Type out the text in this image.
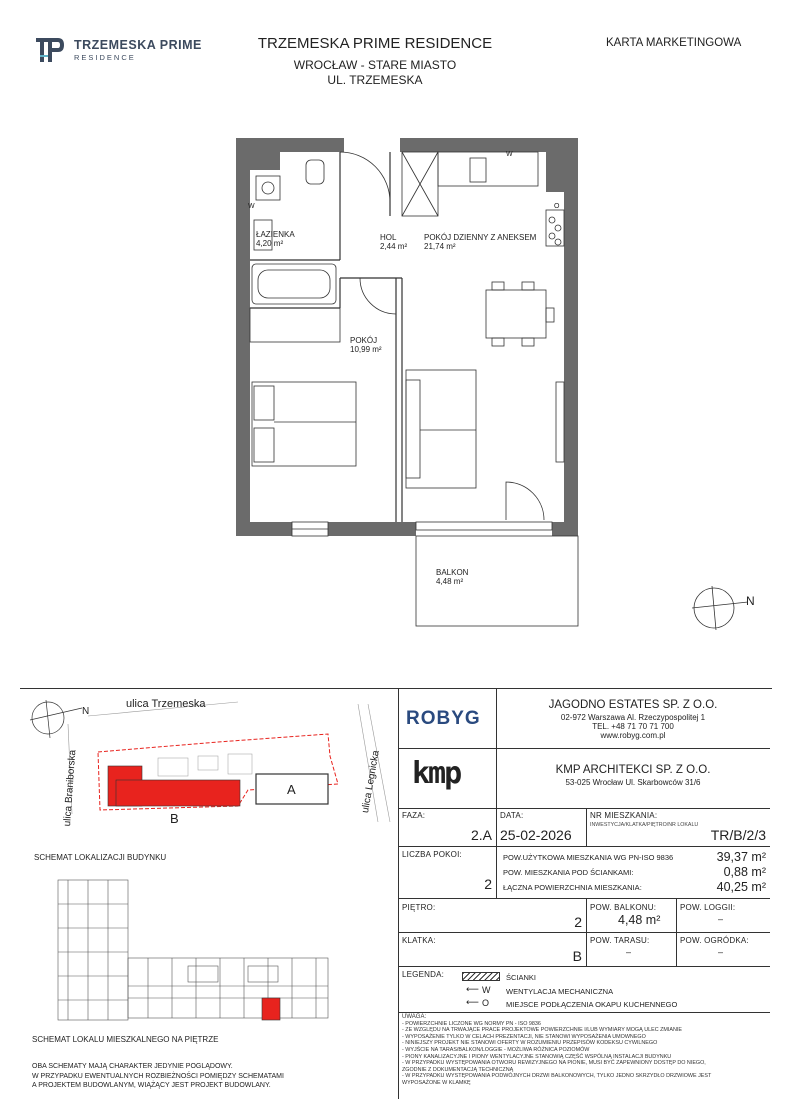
TRZEMESKA PRIME
RESIDENCE
TRZEMESKA PRIME RESIDENCE
WROCŁAW - STARE MIASTO
UL. TRZEMESKA
KARTA MARKETINGOWA
W
W	O
ŁAZIENKA
4,20 m²
HOL
2,44 m²
POKÓJ DZIENNY Z ANEKSEM
21,74 m²
POKÓJ
10,99 m²
BALKON
4,48 m²
N
N
ulica Trzemeska
ulica Braniborska	ulica Legnicka
A
B
SCHEMAT LOKALIZACJI BUDYNKU
SCHEMAT LOKALU MIESZKALNEGO NA PIĘTRZE
OBA SCHEMATY MAJĄ CHARAKTER JEDYNIE POGLĄDOWY.
W PRZYPADKU EWENTUALNYCH ROZBIEŻNOŚCI POMIĘDZY SCHEMATAMI
A PROJEKTEM BUDOWLANYM, WIĄŻĄCY JEST PROJEKT BUDOWLANY.
ROBYG
JAGODNO ESTATES SP. Z O.O.
02-972 Warszawa Al. Rzeczypospolitej 1
TEL. +48 71 70 71 700
www.robyg.com.pl
kmp	KMP ARCHITEKCI SP. Z O.O.
53-025 Wrocław Ul. Skarbowców 31/6
FAZA:
2.A
DATA:
25-02-2026
NR MIESZKANIA:
INWESTYCJA/KLATKA/PIĘTRO/NR LOKALU
TR/B/2/3
LICZBA POKOI:
2
POW.UŻYTKOWA MIESZKANIA WG PN-ISO 9836	39,37 m²
POW. MIESZKANIA POD ŚCIANKAMI:	0,88 m²
ŁĄCZNA POWIERZCHNIA MIESZKANIA:	40,25 m²
PIĘTRO:
2
POW. BALKONU:
4,48 m²
POW. LOGGII:
–
KLATKA:
B
POW. TARASU:
–
POW. OGRÓDKA:
–
LEGENDA:	ŚCIANKI
⟵ W WENTYLACJA MECHANICZNA
⟵ O MIEJSCE PODŁĄCZENIA OKAPU KUCHENNEGO
UWAGA:
- POWIERZCHNIE LICZONE WG NORMY PN - ISO 9836
- ZE WZGLĘDU NA TRWAJĄCE PRACE PROJEKTOWE POWIERZCHNIE I/LUB WYMIARY MOGĄ ULEC ZMIANIE
- WYPOSAŻENIE TYLKO W CELACH PREZENTACJI, NIE STANOWI WYPOSAŻENIA UMOWNEGO
- NINIEJSZY PROJEKT NIE STANOWI OFERTY W ROZUMIENIU PRZEPISÓW KODEKSU CYWILNEGO
- WYJŚCIE NA TARAS/BALKON/LOGGIE - MOŻLIWA RÓŻNICA POZIOMÓW
- PIONY KANALIZACYJNE I PIONY WENTYLACYJNE STANOWIĄ CZĘŚĆ WSPÓLNĄ INSTALACJI BUDYNKU
- W PRZYPADKU WYSTĘPOWANIA OTWORU REWIZYJNEGO NA PIONIE, MUSI BYĆ ZAPEWNIONY DOSTĘP DO NIEGO,
ZGODNIE Z DOKUMENTACJĄ TECHNICZNĄ
- W PRZYPADKU WYSTĘPOWANIA PODWÓJNYCH DRZWI BALKONOWYCH, TYLKO JEDNO SKRZYDŁO DRZWIOWE JEST
WYPOSAŻONE W KLAMKĘ
